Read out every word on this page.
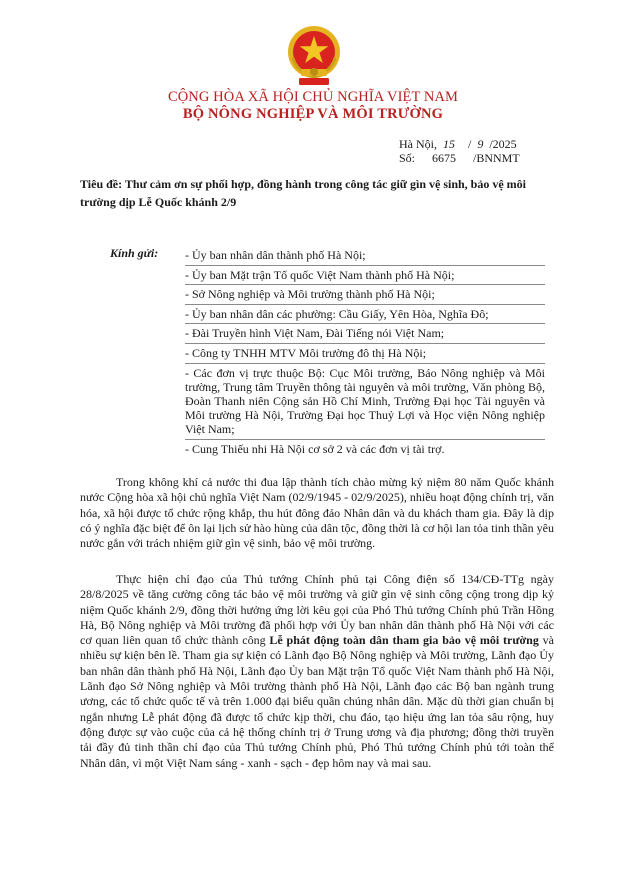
CỘNG HÒA XÃ HỘI CHỦ NGHĨA VIỆT NAM
BỘ NÔNG NGHIỆP VÀ MÔI TRƯỜNG
Hà Nội, 15 / 9 /2025
Số: 6675 /BNNMT
Tiêu đề: Thư cảm ơn sự phối hợp, đồng hành trong công tác giữ gìn vệ sinh, bảo vệ môi trường dịp Lễ Quốc khánh 2/9
Kính gửi: - Ủy ban nhân dân thành phố Hà Nội;
- Ủy ban Mặt trận Tổ quốc Việt Nam thành phố Hà Nội;
- Sở Nông nghiệp và Môi trường thành phố Hà Nội;
- Ủy ban nhân dân các phường: Cầu Giấy, Yên Hòa, Nghĩa Đô;
- Đài Truyền hình Việt Nam, Đài Tiếng nói Việt Nam;
- Công ty TNHH MTV Môi trường đô thị Hà Nội;
- Các đơn vị trực thuộc Bộ: Cục Môi trường, Báo Nông nghiệp và Môi trường, Trung tâm Truyền thông tài nguyên và môi trường, Văn phòng Bộ, Đoàn Thanh niên Cộng sản Hồ Chí Minh, Trường Đại học Tài nguyên và Môi trường Hà Nội, Trường Đại học Thuỷ Lợi và Học viện Nông nghiệp Việt Nam;
- Cung Thiếu nhi Hà Nội cơ sở 2 và các đơn vị tài trợ.
Trong không khí cả nước thi đua lập thành tích chào mừng kỷ niệm 80 năm Quốc khánh nước Cộng hòa xã hội chủ nghĩa Việt Nam (02/9/1945 - 02/9/2025), nhiều hoạt động chính trị, văn hóa, xã hội được tổ chức rộng khắp, thu hút đông đảo Nhân dân và du khách tham gia. Đây là dịp có ý nghĩa đặc biệt để ôn lại lịch sử hào hùng của dân tộc, đồng thời là cơ hội lan tỏa tinh thần yêu nước gắn với trách nhiệm giữ gìn vệ sinh, bảo vệ môi trường.
Thực hiện chỉ đạo của Thủ tướng Chính phủ tại Công điện số 134/CĐ-TTg ngày 28/8/2025 về tăng cường công tác bảo vệ môi trường và giữ gìn vệ sinh công cộng trong dịp kỷ niệm Quốc khánh 2/9, đồng thời hưởng ứng lời kêu gọi của Phó Thủ tướng Chính phủ Trần Hồng Hà, Bộ Nông nghiệp và Môi trường đã phối hợp với Ủy ban nhân dân thành phố Hà Nội với các cơ quan liên quan tổ chức thành công Lễ phát động toàn dân tham gia bảo vệ môi trường và nhiều sự kiện bên lề. Tham gia sự kiện có Lãnh đạo Bộ Nông nghiệp và Môi trường, Lãnh đạo Ủy ban nhân dân thành phố Hà Nội, Lãnh đạo Ủy ban Mặt trận Tổ quốc Việt Nam thành phố Hà Nội, Lãnh đạo Sở Nông nghiệp và Môi trường thành phố Hà Nội, Lãnh đạo các Bộ ban ngành trung ương, các tổ chức quốc tế và trên 1.000 đại biểu quần chúng nhân dân. Mặc dù thời gian chuẩn bị ngắn nhưng Lễ phát động đã được tổ chức kịp thời, chu đáo, tạo hiệu ứng lan tỏa sâu rộng, huy động được sự vào cuộc của cả hệ thống chính trị ở Trung ương và địa phương; đồng thời truyền tải đầy đủ tinh thần chỉ đạo của Thủ tướng Chính phủ, Phó Thủ tướng Chính phủ tới toàn thể Nhân dân, vì một Việt Nam sáng - xanh - sạch - đẹp hôm nay và mai sau.
